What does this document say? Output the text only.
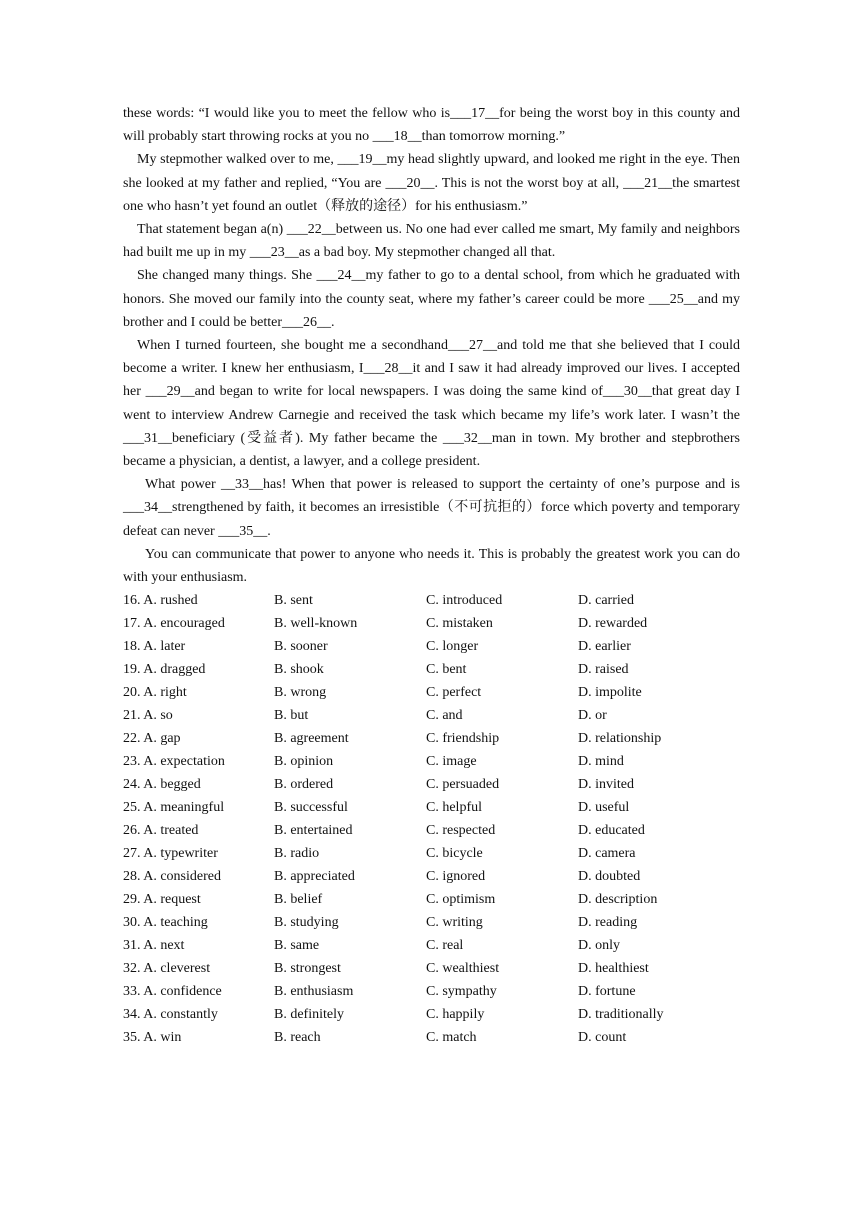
these words: “I would like you to meet the fellow who is___17__for being the worst boy in this county and will probably start throwing rocks at you no ___18__than tomorrow morning.”

My stepmother walked over to me, ___19__my head slightly upward, and looked me right in the eye. Then she looked at my father and replied, “You are ___20__. This is not the worst boy at all, ___21__the smartest one who hasn’t yet found an outlet（释放的途径）for his enthusiasm.”

That statement began a(n) ___22__between us. No one had ever called me smart, My family and neighbors had built me up in my ___23__as a bad boy. My stepmother changed all that.

She changed many things. She ___24__my father to go to a dental school, from which he graduated with honors. She moved our family into the county seat, where my father’s career could be more ___25__and my brother and I could be better___26__.

When I turned fourteen, she bought me a secondhand___27__and told me that she believed that I could become a writer. I knew her enthusiasm, I___28__it and I saw it had already improved our lives. I accepted her ___29__and began to write for local newspapers. I was doing the same kind of___30__that great day I went to interview Andrew Carnegie and received the task which became my life’s work later. I wasn’t the ___31__beneficiary (受益者). My father became the ___32__man in town. My brother and stepbrothers became a physician, a dentist, a lawyer, and a college president.

What power __33__has! When that power is released to support the certainty of one’s purpose and is ___34__strengthened by faith, it becomes an irresistible（不可抗拒的）force which poverty and temporary defeat can never ___35__.

You can communicate that power to anyone who needs it. This is probably the greatest work you can do with your enthusiasm.

16. A. rushed	B. sent	C. introduced	D. carried
17. A. encouraged	B. well-known	C. mistaken	D. rewarded
18. A. later	B. sooner	C. longer	D. earlier
19. A. dragged	B. shook	C. bent	D. raised
20. A. right	B. wrong	C. perfect	D. impolite
21. A. so	B. but	C. and	D. or
22. A. gap	B. agreement	C. friendship	D. relationship
23. A. expectation	B. opinion	C. image	D. mind
24. A. begged	B. ordered	C. persuaded	D. invited
25. A. meaningful	B. successful	C. helpful	D. useful
26. A. treated	B. entertained	C. respected	D. educated
27. A. typewriter	B. radio	C. bicycle	D. camera
28. A. considered	B. appreciated	C. ignored	D. doubted
29. A. request	B. belief	C. optimism	D. description
30. A. teaching	B. studying	C. writing	D. reading
31. A. next	B. same	C. real	D. only
32. A. cleverest	B. strongest	C. wealthiest	D. healthiest
33. A. confidence	B. enthusiasm	C. sympathy	D. fortune
34. A. constantly	B. definitely	C. happily	D. traditionally
35. A. win	B. reach	C. match	D. count
